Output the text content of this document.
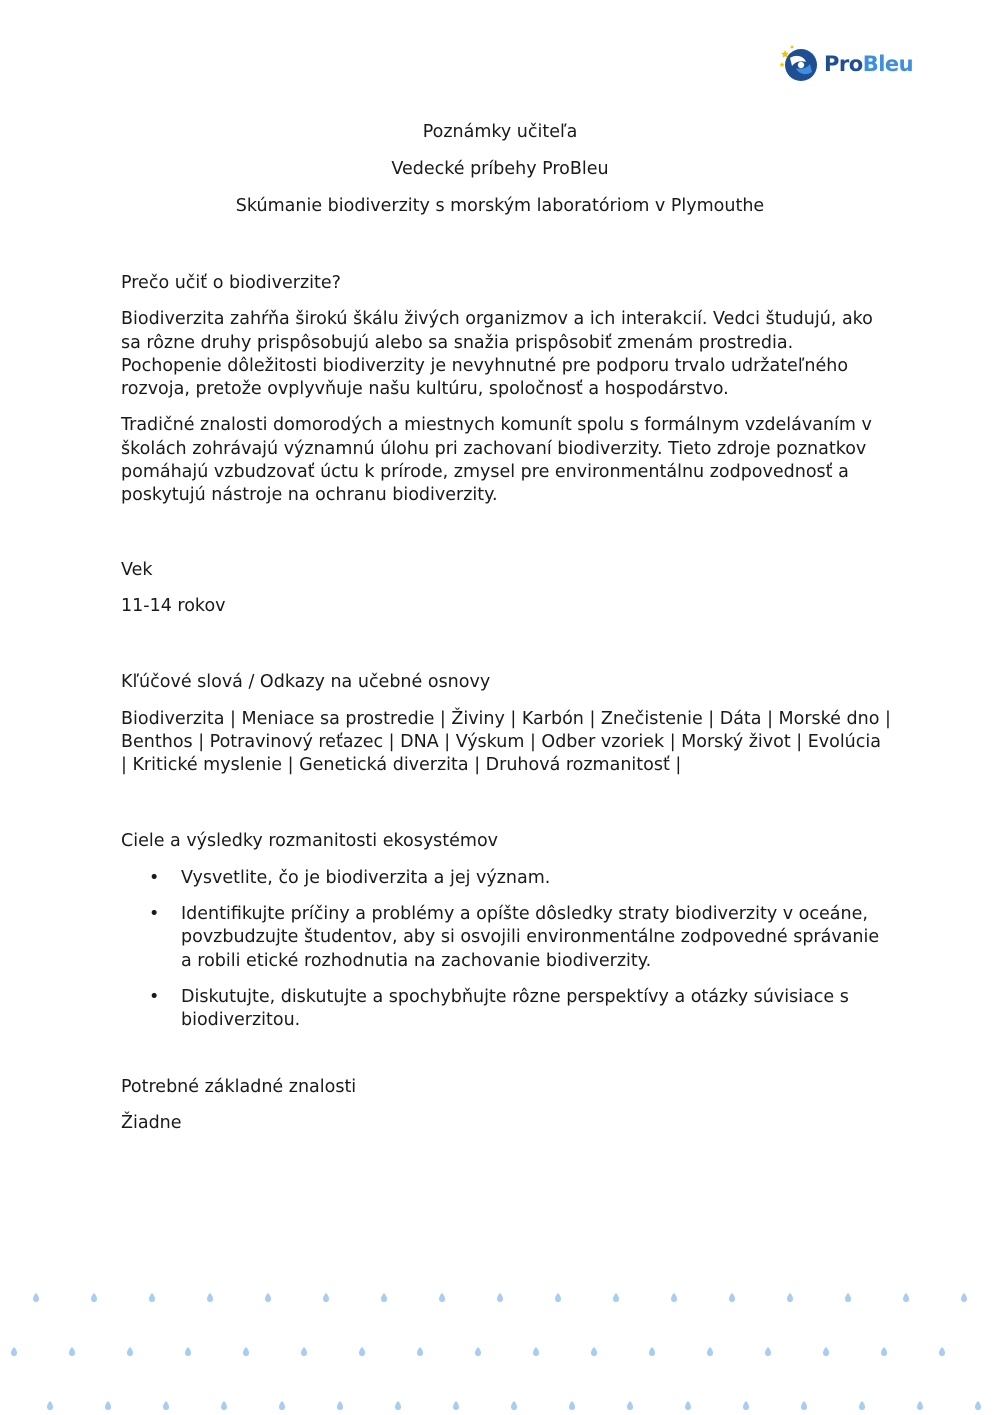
ProBleu
Poznámky učiteľa
Vedecké príbehy ProBleu
Skúmanie biodiverzity s morským laboratóriom v Plymouthe

Prečo učiť o biodiverzite?

Biodiverzita zahŕňa širokú škálu živých organizmov a ich interakcií. Vedci študujú, ako sa rôzne druhy prispôsobujú alebo sa snažia prispôsobiť zmenám prostredia. Pochopenie dôležitosti biodiverzity je nevyhnutné pre podporu trvalo udržateľného rozvoja, pretože ovplyvňuje našu kultúru, spoločnosť a hospodárstvo.

Tradičné znalosti domorodých a miestnych komunít spolu s formálnym vzdelávaním v školách zohrávajú významnú úlohu pri zachovaní biodiverzity. Tieto zdroje poznatkov pomáhajú vzbudzovať úctu k prírode, zmysel pre environmentálnu zodpovednosť a poskytujú nástroje na ochranu biodiverzity.

Vek

11-14 rokov

Kľúčové slová / Odkazy na učebné osnovy

Biodiverzita | Meniace sa prostredie | Živiny | Karbón | Znečistenie | Dáta | Morské dno | Benthos | Potravinový reťazec | DNA | Výskum | Odber vzoriek | Morský život | Evolúcia | Kritické myslenie | Genetická diverzita | Druhová rozmanitosť |

Ciele a výsledky rozmanitosti ekosystémov

• Vysvetlite, čo je biodiverzita a jej význam.
• Identifikujte príčiny a problémy a opíšte dôsledky straty biodiverzity v oceáne, povzbudzujte študentov, aby si osvojili environmentálne zodpovedné správanie a robili etické rozhodnutia na zachovanie biodiverzity.
• Diskutujte, diskutujte a spochybňujte rôzne perspektívy a otázky súvisiace s biodiverzitou.

Potrebné základné znalosti

Žiadne
